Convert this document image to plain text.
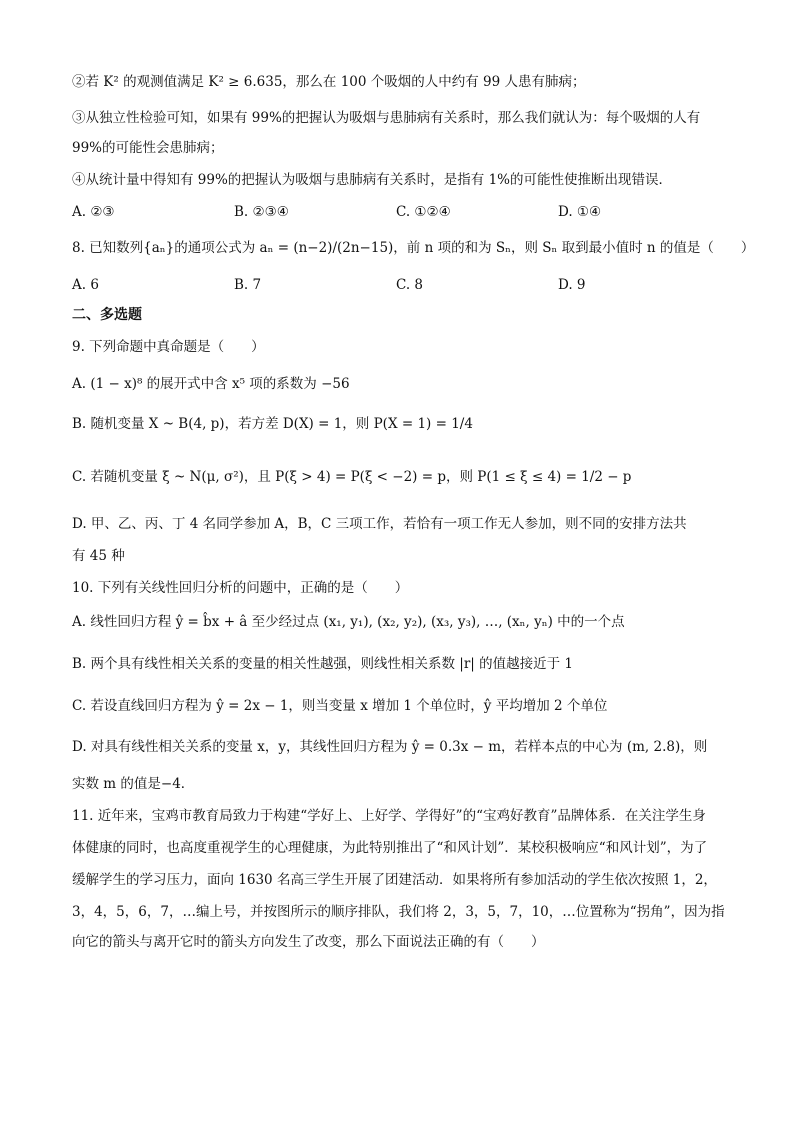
②若 K² 的观测值满足 K² ≥ 6.635，那么在 100 个吸烟的人中约有 99 人患有肺病；
③从独立性检验可知，如果有 99%的把握认为吸烟与患肺病有关系时，那么我们就认为：每个吸烟的人有
99%的可能性会患肺病；
④从统计量中得知有 99%的把握认为吸烟与患肺病有关系时，是指有 1%的可能性使推断出现错误．
A. ②③	B. ②③④	C. ①②④	D. ①④
8. 已知数列{aₙ}的通项公式为 aₙ = (n−2)/(2n−15)，前 n 项的和为 Sₙ，则 Sₙ 取到最小值时 n 的值是（　　）
A. 6	B. 7	C. 8	D. 9
二、多选题
9. 下列命题中真命题是（　　）
A. (1 − x)⁸ 的展开式中含 x⁵ 项的系数为 −56
B. 随机变量 X ~ B(4, p)，若方差 D(X) = 1，则 P(X = 1) = 1/4
C. 若随机变量 ξ ~ N(μ, σ²)，且 P(ξ > 4) = P(ξ < −2) = p，则 P(1 ≤ ξ ≤ 4) = 1/2 − p
D. 甲、乙、丙、丁 4 名同学参加 A，B，C 三项工作，若恰有一项工作无人参加，则不同的安排方法共
有 45 种
10. 下列有关线性回归分析的问题中，正确的是（　　）
A. 线性回归方程 ŷ = b̂x + â 至少经过点 (x₁, y₁), (x₂, y₂), (x₃, y₃), …, (xₙ, yₙ) 中的一个点
B. 两个具有线性相关关系的变量的相关性越强，则线性相关系数 |r| 的值越接近于 1
C. 若设直线回归方程为 ŷ = 2x − 1，则当变量 x 增加 1 个单位时，ŷ 平均增加 2 个单位
D. 对具有线性相关关系的变量 x，y，其线性回归方程为 ŷ = 0.3x − m，若样本点的中心为 (m, 2.8)，则
实数 m 的值是−4．
11. 近年来，宝鸡市教育局致力于构建“学好上、上好学、学得好”的“宝鸡好教育”品牌体系．在关注学生身
体健康的同时，也高度重视学生的心理健康，为此特别推出了“和风计划”．某校积极响应“和风计划”，为了
缓解学生的学习压力，面向 1630 名高三学生开展了团建活动．如果将所有参加活动的学生依次按照 1，2，
3，4，5，6，7，…编上号，并按图所示的顺序排队，我们将 2，3，5，7，10，…位置称为“拐角”，因为指
向它的箭头与离开它时的箭头方向发生了改变，那么下面说法正确的有（　　）
